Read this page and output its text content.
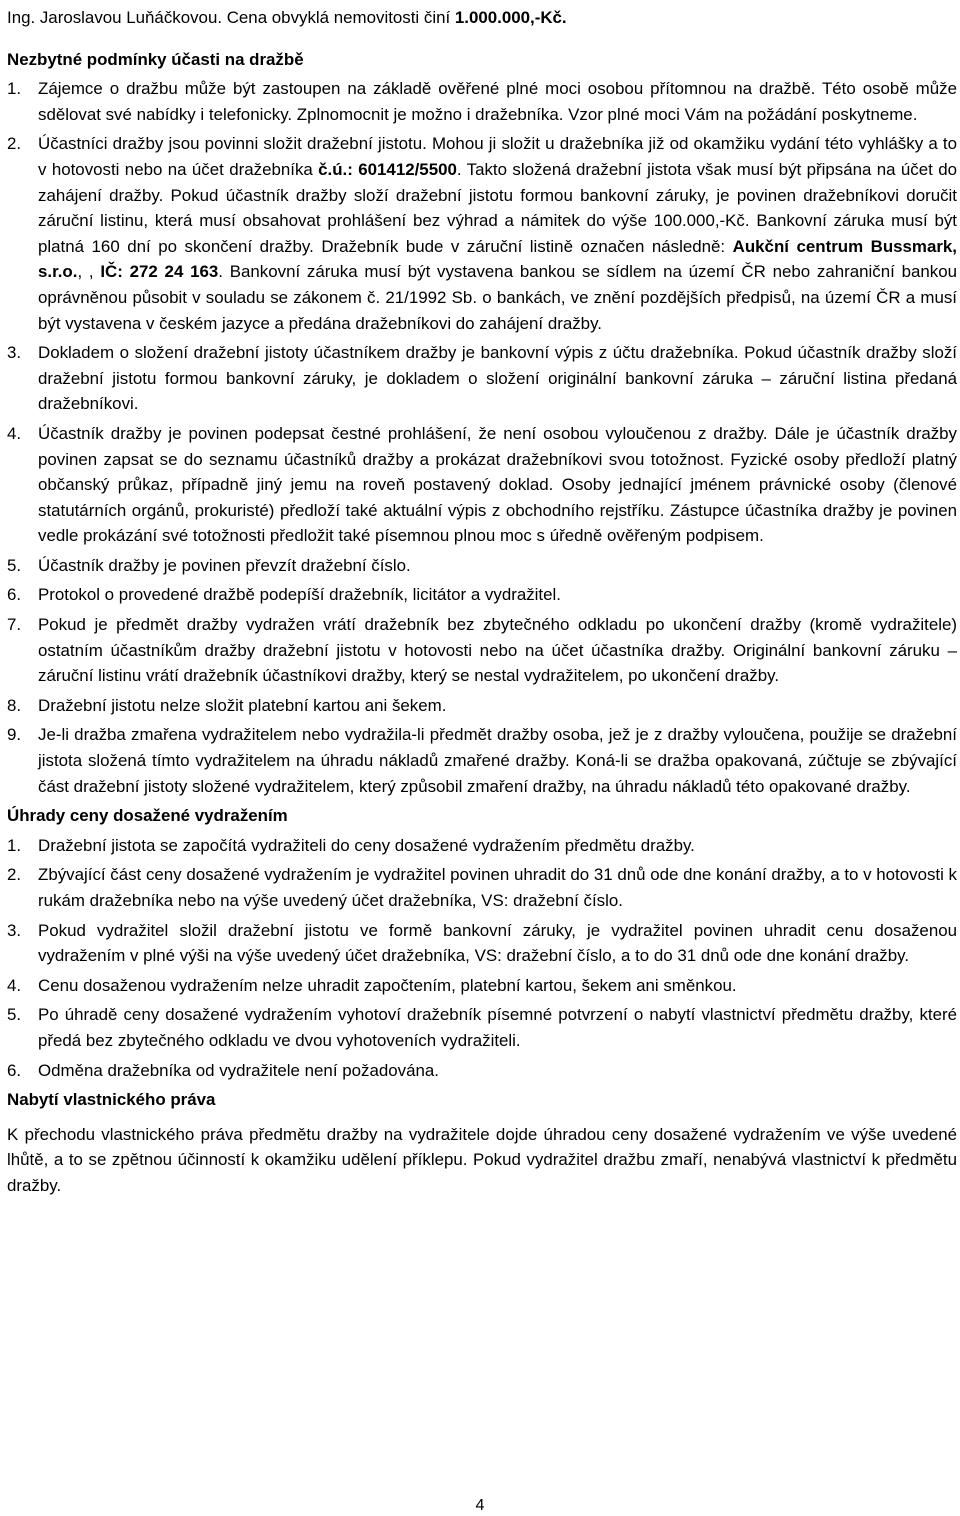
Ing. Jaroslavou Luňáčkovou. Cena obvyklá nemovitosti činí 1.000.000,-Kč.

Nezbytné podmínky účasti na dražbě

1. Zájemce o dražbu může být zastoupen na základě ověřené plné moci osobou přítomnou na dražbě. Této osobě může sdělovat své nabídky i telefonicky. Zplnomocnit je možno i dražebníka. Vzor plné moci Vám na požádání poskytneme.
2. Účastníci dražby jsou povinni složit dražební jistotu. Mohou ji složit u dražebníka již od okamžiku vydání této vyhlášky a to v hotovosti nebo na účet dražebníka č.ú.: 601412/5500. Takto složená dražební jistota však musí být připsána na účet do zahájení dražby. Pokud účastník dražby složí dražební jistotu formou bankovní záruky, je povinen dražebníkovi doručit záruční listinu, která musí obsahovat prohlášení bez výhrad a námitek do výše 100.000,-Kč. Bankovní záruka musí být platná 160 dní po skončení dražby. Dražebník bude v záruční listině označen následně: Aukční centrum Bussmark, s.r.o., , IČ: 272 24 163. Bankovní záruka musí být vystavena bankou se sídlem na území ČR nebo zahraniční bankou oprávněnou působit v souladu se zákonem č. 21/1992 Sb. o bankách, ve znění pozdějších předpisů, na území ČR a musí být vystavena v českém jazyce a předána dražebníkovi do zahájení dražby.
3. Dokladem o složení dražební jistoty účastníkem dražby je bankovní výpis z účtu dražebníka. Pokud účastník dražby složí dražební jistotu formou bankovní záruky, je dokladem o složení originální bankovní záruka – záruční listina předaná dražebníkovi.
4. Účastník dražby je povinen podepsat čestné prohlášení, že není osobou vyloučenou z dražby. Dále je účastník dražby povinen zapsat se do seznamu účastníků dražby a prokázat dražebníkovi svou totožnost. Fyzické osoby předloží platný občanský průkaz, případně jiný jemu na roveň postavený doklad. Osoby jednající jménem právnické osoby (členové statutárních orgánů, prokuristé) předloží také aktuální výpis z obchodního rejstříku. Zástupce účastníka dražby je povinen vedle prokázání své totožnosti předložit také písemnou plnou moc s úředně ověřeným podpisem.
5. Účastník dražby je povinen převzít dražební číslo.
6. Protokol o provedené dražbě podepíší dražebník, licitátor a vydražitel.
7. Pokud je předmět dražby vydražen vrátí dražebník bez zbytečného odkladu po ukončení dražby (kromě vydražitele) ostatním účastníkům dražby dražební jistotu v hotovosti nebo na účet účastníka dražby. Originální bankovní záruku – záruční listinu vrátí dražebník účastníkovi dražby, který se nestal vydražitelem, po ukončení dražby.
8. Dražební jistotu nelze složit platební kartou ani šekem.
9. Je-li dražba zmařena vydražitelem nebo vydražila-li předmět dražby osoba, jež je z dražby vyloučena, použije se dražební jistota složená tímto vydražitelem na úhradu nákladů zmařené dražby. Koná-li se dražba opakovaná, zúčtuje se zbývající část dražební jistoty složené vydražitelem, který způsobil zmaření dražby, na úhradu nákladů této opakované dražby.

Úhrady ceny dosažené vydražením

1. Dražební jistota se započítá vydražiteli do ceny dosažené vydražením předmětu dražby.
2. Zbývající část ceny dosažené vydražením je vydražitel povinen uhradit do 31 dnů ode dne konání dražby, a to v hotovosti k rukám dražebníka nebo na výše uvedený účet dražebníka, VS: dražební číslo.
3. Pokud vydražitel složil dražební jistotu ve formě bankovní záruky, je vydražitel povinen uhradit cenu dosaženou vydražením v plné výši na výše uvedený účet dražebníka, VS: dražební číslo, a to do 31 dnů ode dne konání dražby.
4. Cenu dosaženou vydražením nelze uhradit započtením, platební kartou, šekem ani směnkou.
5. Po úhradě ceny dosažené vydražením vyhotoví dražebník písemné potvrzení o nabytí vlastnictví předmětu dražby, které předá bez zbytečného odkladu ve dvou vyhotoveních vydražiteli.
6. Odměna dražebníka od vydražitele není požadována.

Nabytí vlastnického práva

K přechodu vlastnického práva předmětu dražby na vydražitele dojde úhradou ceny dosažené vydražením ve výše uvedené lhůtě, a to se zpětnou účinností k okamžiku udělení příklepu. Pokud vydražitel dražbu zmaří, nenabývá vlastnictví k předmětu dražby.

4
